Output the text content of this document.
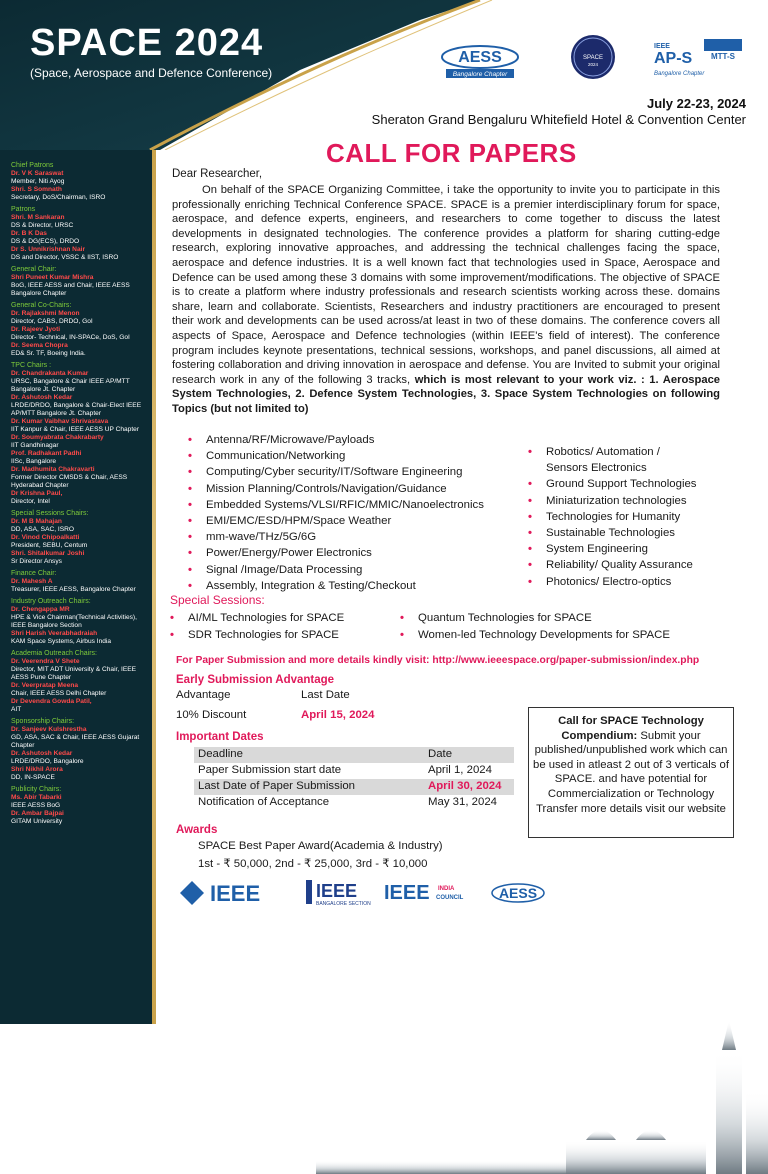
SPACE 2024
(Space, Aerospace and Defence Conference)
AESS
Bangalore Chapter
SPACE
2024
IEEE
AP-S MTT-S
Bangalore Chapter
July 22-23, 2024
Sheraton Grand Bengaluru Whitefield Hotel & Convention Center
Chief Patrons
Dr. V K Saraswat
Member, Niti Ayog
Shri. S Somnath
Secretary, DoS/Chairman, ISRO
Patrons
Shri. M Sankaran
DS & Director, URSC
Dr. B K Das
DS & DG(ECS), DRDO
Dr S. Unnikrishnan Nair
DS and Director, VSSC & IIST, ISRO
General Chair:
Shri Puneet Kumar Mishra
BoG, IEEE AESS and Chair, IEEE AESS Bangalore Chapter
General Co-Chairs:
Dr. Rajlakshmi Menon
Director, CABS, DRDO, GoI
Dr. Rajeev Jyoti
Director- Technical, IN-SPACe, DoS, GoI
Dr. Seema Chopra
ED& Sr. TF, Boeing India.
TPC Chairs :
Dr. Chandrakanta Kumar
URSC, Bangalore & Chair IEEE AP/MTT Bangalore Jt. Chapter
Dr. Ashutosh Kedar
LRDE/DRDO, Bangalore & Chair-Elect IEEE AP/MTT Bangalore Jt. Chapter
Dr. Kumar Vaibhav Shrivastava
IIT Kanpur & Chair, IEEE AESS UP Chapter
Dr. Soumyabrata Chakrabarty
IIT Gandhinagar
Prof. Radhakant Padhi
IISc, Bangalore
Dr. Madhumita Chakravarti
Former Director CMSDS & Chair, AESS Hyderabad Chapter
Dr Krishna Paul,
Director, Intel
Special Sessions Chairs:
Dr. M B Mahajan
DD, ASA, SAC, ISRO
Dr. Vinod Chipoalkatti
President, SEBU, Centum
Shri. Shitalkumar Joshi
Sr Director Ansys
Finance Chair:
Dr. Mahesh A
Treasurer, IEEE AESS, Bangalore Chapter
Industry Outreach Chairs:
Dr. Chengappa MR
HPE & Vice Chairman(Technical Activities), IEEE Bangalore Section
Shri Harish Veerabhadraiah
KAM Space Systems, Airbus India
Academia Outreach Chairs:
Dr. Veerendra V Shete
Director, MIT ADT University & Chair, IEEE AESS Pune Chapter
Dr. Veerpratap Meena
Chair, IEEE AESS Delhi Chapter
Dr Devendra Gowda Patil,
AIT
Sponsorship Chairs:
Dr. Sanjeev Kulshrestha
GD, ASA, SAC & Chair, IEEE AESS Gujarat Chapter
Dr. Ashutosh Kedar
LRDE/DRDO, Bangalore
Shri Nikhil Arora
DD, IN-SPACE
Publicity Chairs:
Ms. Abir Tabarki
IEEE AESS BoG
Dr. Ambar Bajpai
GITAM University
CALL FOR PAPERS
Dear Researcher,
On behalf of the SPACE Organizing Committee, i take the opportunity to invite you to participate in this professionally enriching Technical Conference SPACE. SPACE is a premier interdisciplinary forum for space, aerospace, and defence experts, engineers, and researchers to come together to discuss the latest developments in designated technologies. The conference provides a platform for sharing cutting-edge research, exploring innovative approaches, and addressing the technical challenges facing the space, aerospace and defence industries. It is a well known fact that technologies used in Space, Aerospace and Defence can be used among these 3 domains with some improvement/modifications. The objective of SPACE is to create a platform where industry professionals and research scientists working across these. domains share, learn and collaborate. Scientists, Researchers and industry practitioners are encouraged to present their work and developments can be used across/at least in two of these domains. The conference covers all aspects of Space, Aerospace and Defence technologies (within IEEE's field of interest). The conference program includes keynote presentations, technical sessions, workshops, and panel discussions, all aimed at fostering collaboration and driving innovation in aerospace and defense. You are Invited to submit your original research work in any of the following 3 tracks, which is most relevant to your work viz. : 1. Aerospace System Technologies, 2. Defence System Technologies, 3. Space System Technologies on following Topics (but not limited to)
• Antenna/RF/Microwave/Payloads
• Communication/Networking
• Computing/Cyber security/IT/Software Engineering
• Mission Planning/Controls/Navigation/Guidance
• Embedded Systems/VLSI/RFIC/MMIC/Nanoelectronics
• EMI/EMC/ESD/HPM/Space Weather
• mm-wave/THz/5G/6G
• Power/Energy/Power Electronics
• Signal /Image/Data Processing
• Assembly, Integration & Testing/Checkout
• Robotics/ Automation /
Sensors Electronics
• Ground Support Technologies
• Miniaturization technologies
• Technologies for Humanity
• Sustainable Technologies
• System Engineering
• Reliability/ Quality Assurance
• Photonics/ Electro-optics
Special Sessions:
• AI/ML Technologies for SPACE
• SDR Technologies for SPACE
• Quantum Technologies for SPACE
• Women-led Technology Developments for SPACE
For Paper Submission and more details kindly visit: http://www.ieeespace.org/paper-submission/index.php
Early Submission Advantage
Advantage	Last Date
10% Discount	April 15, 2024
Important Dates
Deadline	Date
Paper Submission start date	April 1, 2024
Last Date of Paper Submission	April 30, 2024
Notification of Acceptance	May 31, 2024
Awards
SPACE Best Paper Award(Academia & Industry)
1st - ₹ 50,000, 2nd - ₹ 25,000, 3rd - ₹ 10,000
Call for SPACE Technology Compendium: Submit your published/unpublished work which can be used in atleast 2 out of 3 verticals of SPACE. and have potential for Commercialization or Technology Transfer more details visit our website
IEEE	IEEE
BANGALORE SECTION IEEE INDIA
COUNCIL	AESS
